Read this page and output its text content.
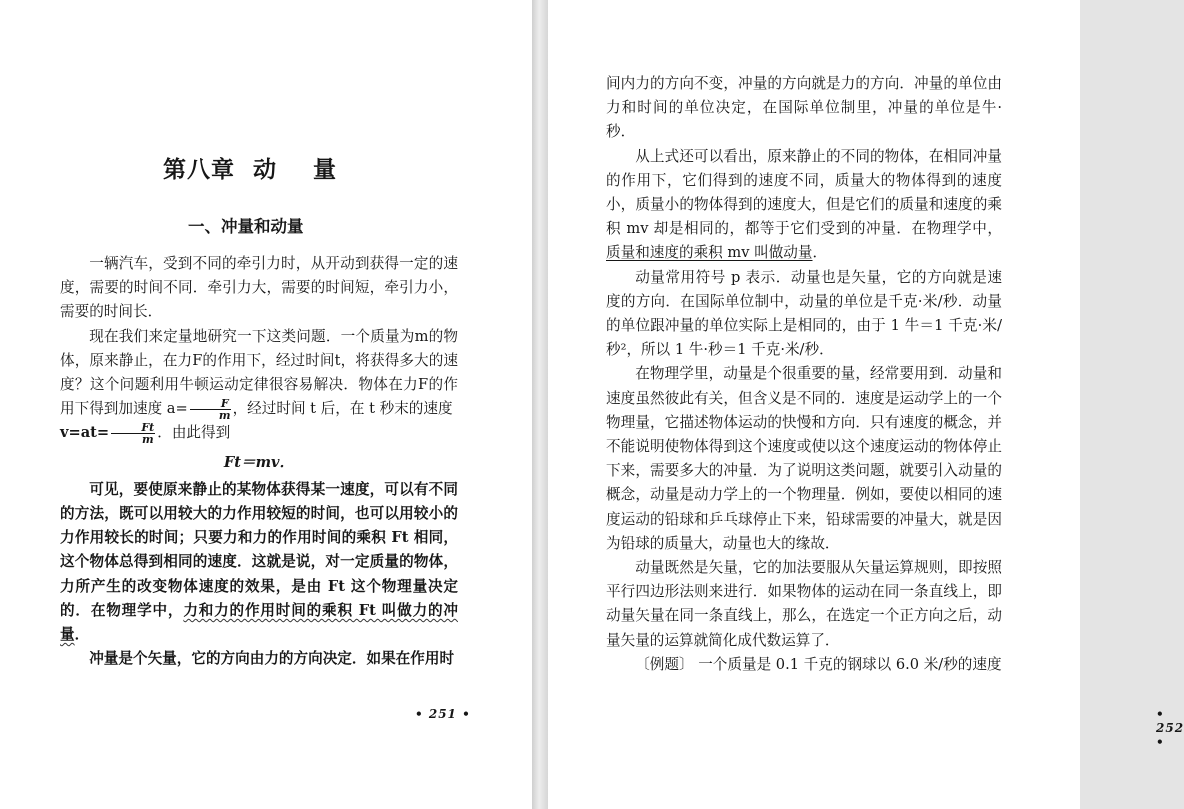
第八章 动 量
一、冲量和动量

一辆汽车，受到不同的牵引力时，从开动到获得一定的速度，需要的时间不同．牵引力大，需要的时间短，牵引力小，需要的时间长．

现在我们来定量地研究一下这类问题．一个质量为m的物体，原来静止，在力F的作用下，经过时间t，将获得多大的速度？这个问题利用牛顿运动定律很容易解决．物体在力F的作用下得到加速度 $a= \frac{F}{m}$ ，经过时间 t 后，在 t 秒末的速度
$v=at= \frac{Ft}{m}$ ．由此得到

Ft＝mv．

可见，要使原来静止的某物体获得某一速度，可以有不同的方法，既可以用较大的力作用较短的时间，也可以用较小的力作用较长的时间；只要力和力的作用时间的乘积 Ft 相同，这个物体总得到相同的速度．这就是说，对一定质量的物体，力所产生的改变物体速度的效果，是由 Ft 这个物理量决定的．在物理学中，力和力的作用时间的乘积 Ft 叫做力的冲量．

冲量是个矢量，它的方向由力的方向决定．如果在作用时

• 251 •	• 252 •

间内力的方向不变，冲量的方向就是力的方向．冲量的单位由力和时间的单位决定，在国际单位制里，冲量的单位是牛·秒．

从上式还可以看出，原来静止的不同的物体，在相同冲量的作用下，它们得到的速度不同，质量大的物体得到的速度小，质量小的物体得到的速度大，但是它们的质量和速度的乘积 mv 却是相同的，都等于它们受到的冲量．在物理学中，质量和速度的乘积 mv 叫做动量．

动量常用符号 p 表示．动量也是矢量，它的方向就是速度的方向．在国际单位制中，动量的单位是千克·米/秒．动量的单位跟冲量的单位实际上是相同的，由于 1 牛＝1 千克·米/秒²，所以 1 牛·秒＝1 千克·米/秒．

在物理学里，动量是个很重要的量，经常要用到．动量和速度虽然彼此有关，但含义是不同的．速度是运动学上的一个物理量，它描述物体运动的快慢和方向．只有速度的概念，并不能说明使物体得到这个速度或使以这个速度运动的物体停止下来，需要多大的冲量．为了说明这类问题，就要引入动量的概念，动量是动力学上的一个物理量．例如，要使以相同的速度运动的铅球和乒乓球停止下来，铅球需要的冲量大，就是因为铅球的质量大，动量也大的缘故．

动量既然是矢量，它的加法要服从矢量运算规则，即按照平行四边形法则来进行．如果物体的运动在同一条直线上，即动量矢量在同一条直线上，那么，在选定一个正方向之后，动量矢量的运算就简化成代数运算了．

〔例题〕 一个质量是 0.1 千克的钢球以 6.0 米/秒的速度
